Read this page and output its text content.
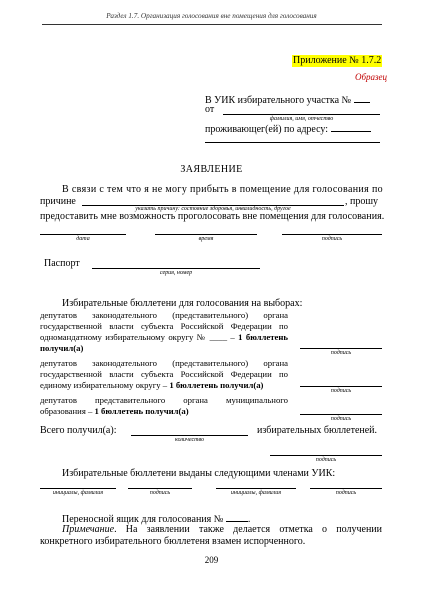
Раздел 1.7. Организация голосования вне помещения для голосования
Приложение № 1.7.2
Образец
В УИК избирательного участка №
от
фамилия, имя, отчество
проживающег(ей) по адресу:
ЗАЯВЛЕНИЕ
В связи с тем что я не могу прибыть в помещение для голосования по
причине	, прошу
указать причину: состояние здоровья, инвалидность, другое
предоставить мне возможность проголосовать вне помещения для голосования.
дата	время	подпись
Паспорт
серия, номер
Избирательные бюллетени для голосования на выборах:
депутатов законодательного (представительного) органа государственной власти субъекта Российской Федерации по одномандатному избирательному округу № ____ – 1 бюллетень получил(а)	подпись
депутатов законодательного (представительного) органа государственной власти субъекта Российской Федерации по единому избирательному округу – 1 бюллетень получил(а)
подпись
депутатов представительного органа муниципального образования – 1 бюллетень получил(а)
подпись
Всего получил(а):
количество
избирательных бюллетеней.
подпись
Избирательные бюллетени выданы следующими членами УИК:
инициалы, фамилия	подпись	инициалы, фамилия	подпись
Переносной ящик для голосования № .
Примечание. На заявлении также делается отметка о получении конкретного избирательного бюллетеня взамен испорченного.
209
